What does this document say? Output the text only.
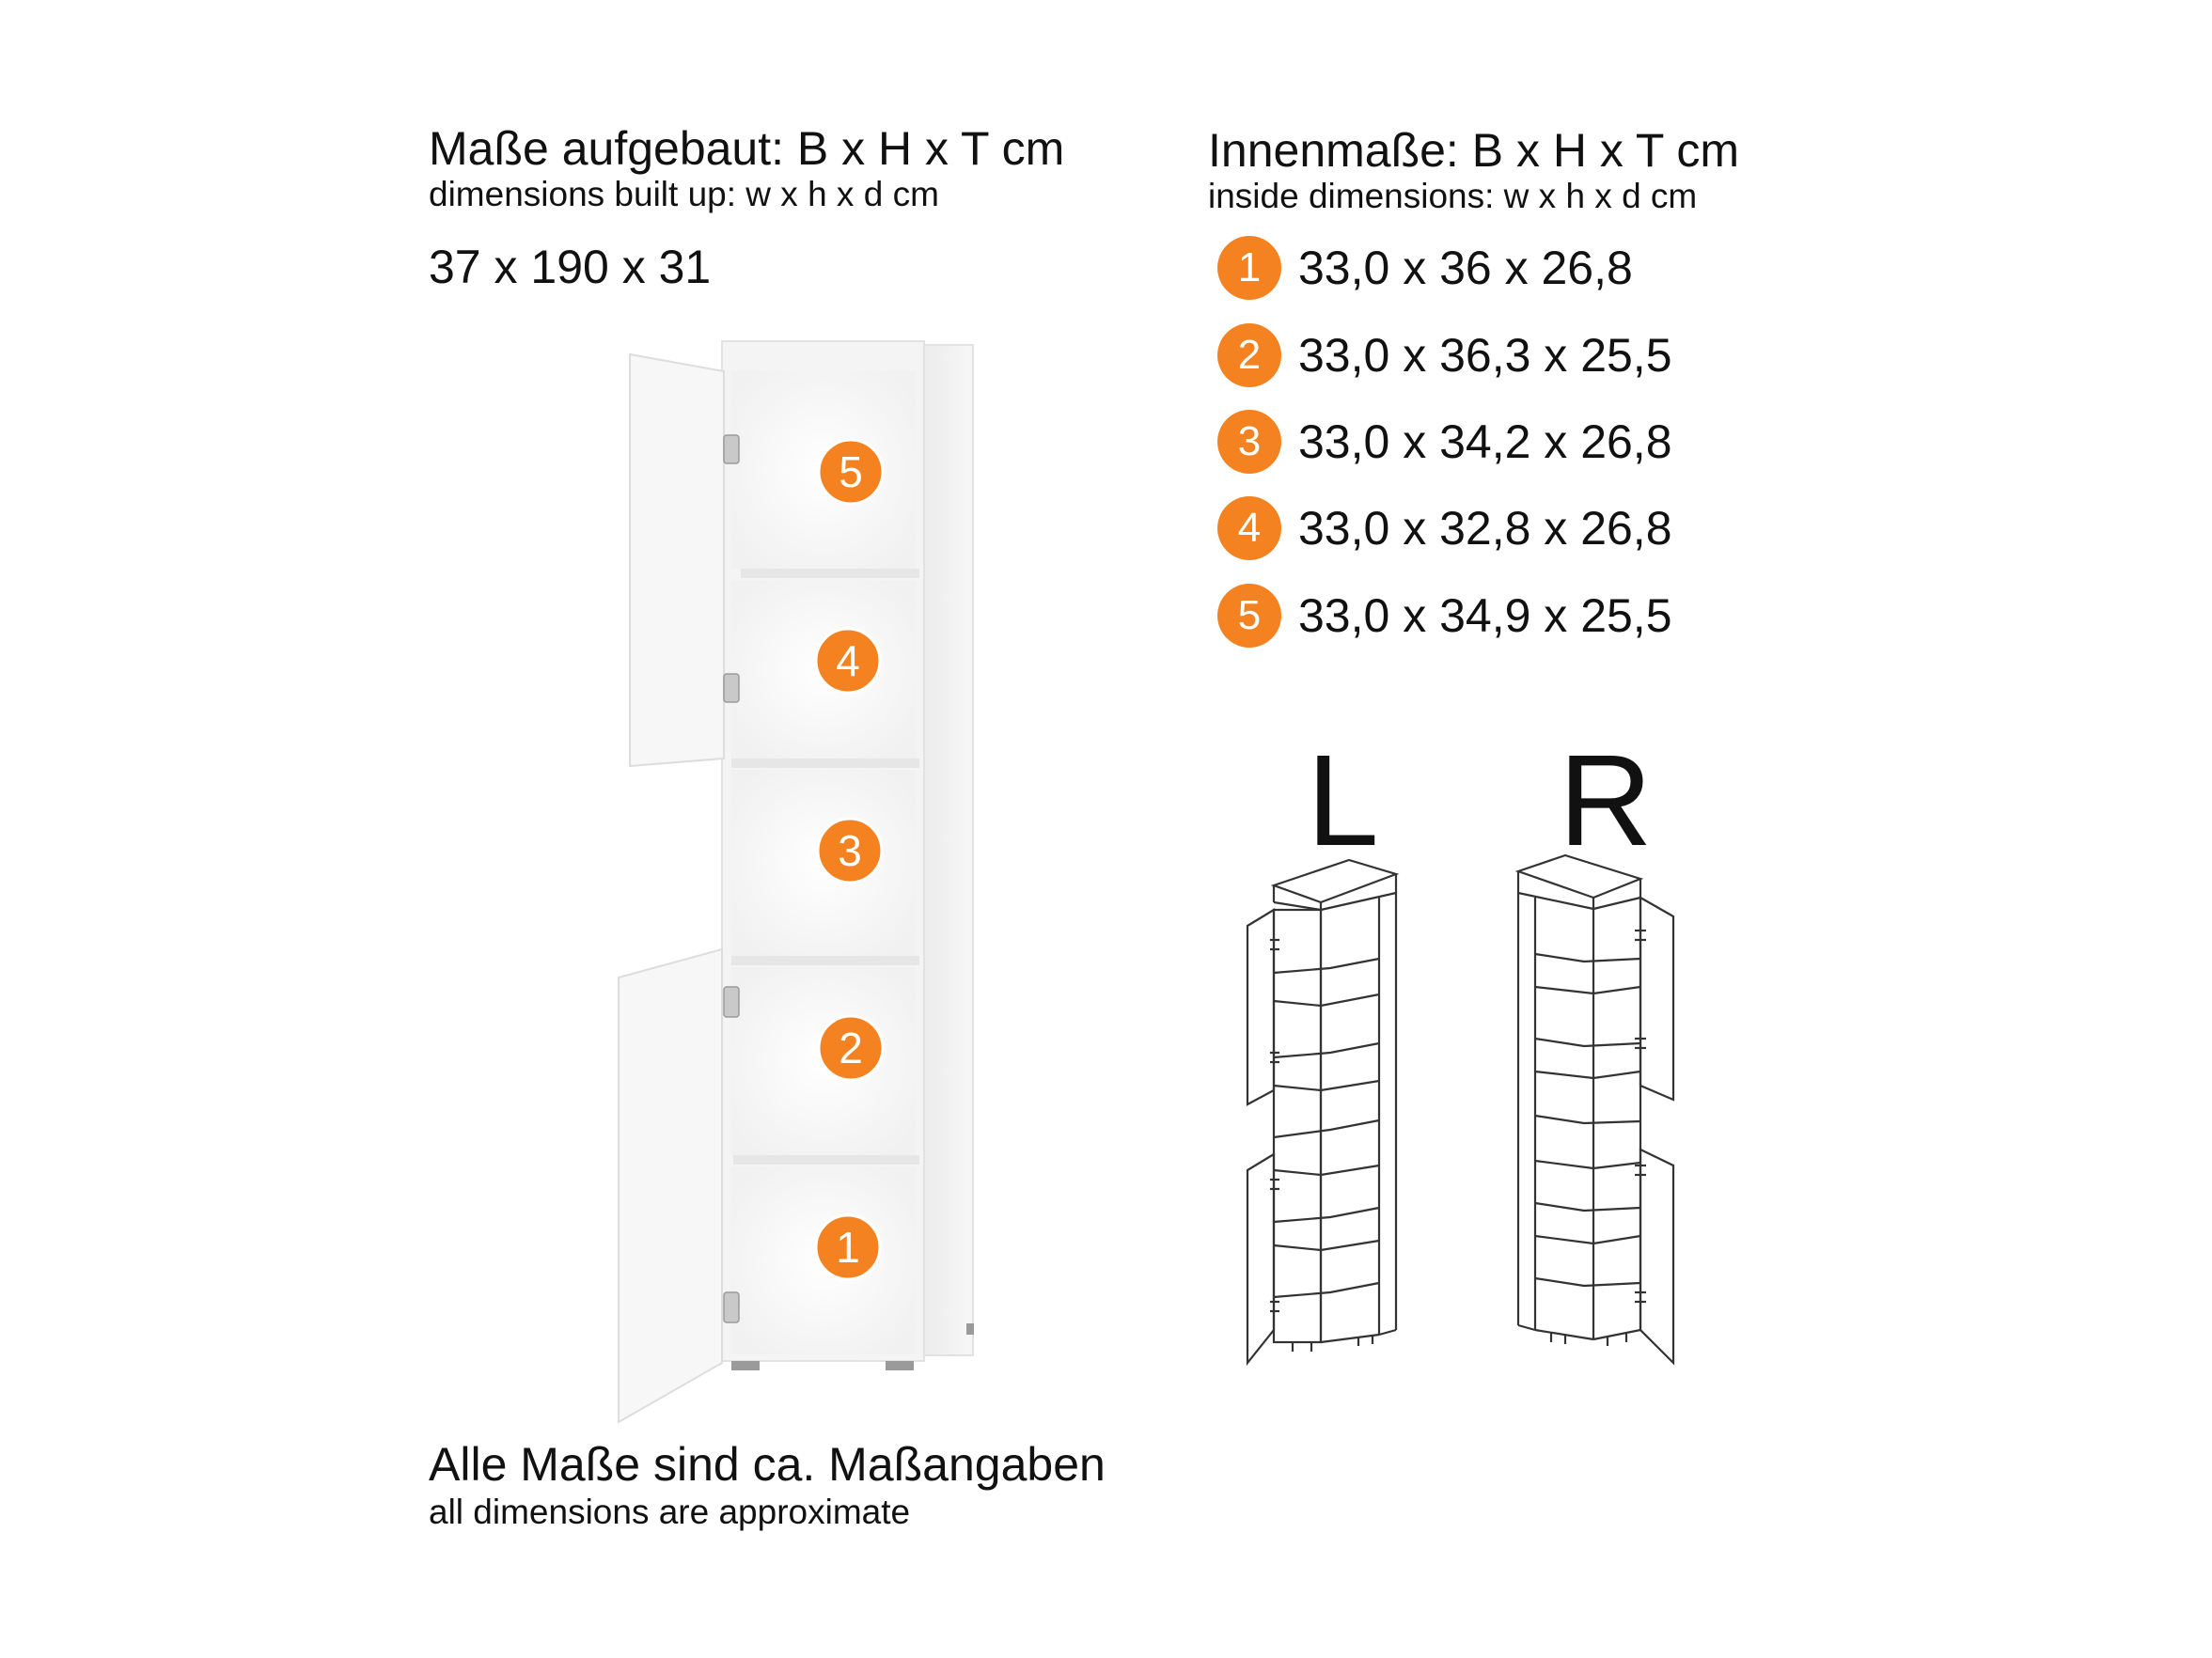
Maße aufgebaut: B x H x T cm
dimensions built up: w x h x d cm
37 x 190 x 31
Innenmaße: B x H x T cm
inside dimensions: w x h x d cm
1 33,0 x 36 x 26,8
2 33,0 x 36,3 x 25,5
3 33,0 x 34,2 x 26,8
4 33,0 x 32,8 x 26,8
5 33,0 x 34,9 x 25,5
5
4
3
2
1
L R
Alle Maße sind ca. Maßangaben
all dimensions are approximate
